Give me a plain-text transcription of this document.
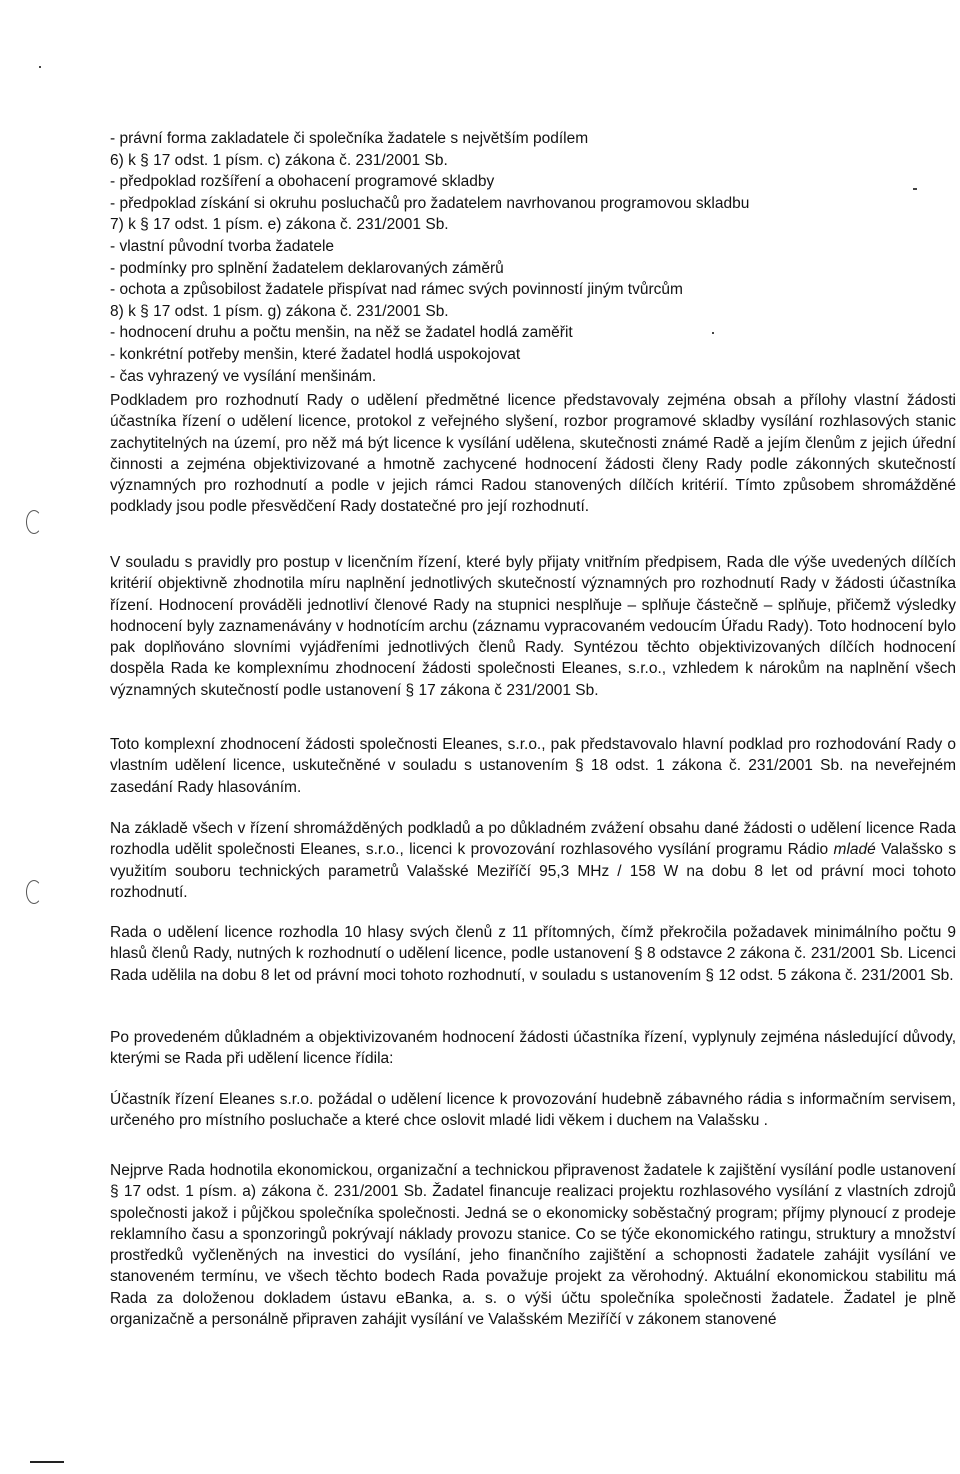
- právní forma zakladatele či společníka žadatele s největším podílem
6) k § 17 odst. 1 písm. c) zákona č. 231/2001 Sb.
- předpoklad rozšíření a obohacení programové skladby
- předpoklad získání si okruhu posluchačů pro žadatelem navrhovanou programovou skladbu
7) k § 17 odst. 1 písm. e) zákona č. 231/2001 Sb.
- vlastní původní tvorba žadatele
- podmínky pro splnění žadatelem deklarovaných záměrů
- ochota a způsobilost žadatele přispívat nad rámec svých povinností jiným tvůrcům
8) k § 17 odst. 1 písm. g) zákona č. 231/2001 Sb.
- hodnocení druhu a počtu menšin, na něž se žadatel hodlá zaměřit
- konkrétní potřeby menšin, které žadatel hodlá uspokojovat
- čas vyhrazený ve vysílání menšinám.

Podkladem pro rozhodnutí Rady o udělení předmětné licence představovaly zejména obsah a přílohy vlastní žádosti účastníka řízení o udělení licence, protokol z veřejného slyšení, rozbor programové skladby vysílání rozhlasových stanic zachytitelných na území, pro něž má být licence k vysílání udělena, skutečnosti známé Radě a jejím členům z jejich úřední činnosti a zejména objektivizované a hmotně zachycené hodnocení žádosti členy Rady podle zákonných skutečností významných pro rozhodnutí a podle v jejich rámci Radou stanovených dílčích kritérií. Tímto způsobem shromážděné podklady jsou podle přesvědčení Rady dostatečné pro její rozhodnutí.

V souladu s pravidly pro postup v licenčním řízení, které byly přijaty vnitřním předpisem, Rada dle výše uvedených dílčích kritérií objektivně zhodnotila míru naplnění jednotlivých skutečností významných pro rozhodnutí Rady v žádosti účastníka řízení. Hodnocení prováděli jednotliví členové Rady na stupnici nesplňuje – splňuje částečně – splňuje, přičemž výsledky hodnocení byly zaznamenávány v hodnotícím archu (záznamu vypracovaném vedoucím Úřadu Rady). Toto hodnocení bylo pak doplňováno slovními vyjádřeními jednotlivých členů Rady. Syntézou těchto objektivizovaných dílčích hodnocení dospěla Rada ke komplexnímu zhodnocení žádosti společnosti Eleanes, s.r.o., vzhledem k nárokům na naplnění všech významných skutečností podle ustanovení § 17 zákona č 231/2001 Sb.

Toto komplexní zhodnocení žádosti společnosti Eleanes, s.r.o., pak představovalo hlavní podklad pro rozhodování Rady o vlastním udělení licence, uskutečněné v souladu s ustanovením § 18 odst. 1 zákona č. 231/2001 Sb. na neveřejném zasedání Rady hlasováním.

Na základě všech v řízení shromážděných podkladů a po důkladném zvážení obsahu dané žádosti o udělení licence Rada rozhodla udělit společnosti Eleanes, s.r.o., licenci k provozování rozhlasového vysílání programu Rádio mladé Valašsko s využitím souboru technických parametrů Valašské Meziříčí 95,3 MHz / 158 W na dobu 8 let od právní moci tohoto rozhodnutí.

Rada o udělení licence rozhodla 10 hlasy svých členů z 11 přítomných, čímž překročila požadavek minimálního počtu 9 hlasů členů Rady, nutných k rozhodnutí o udělení licence, podle ustanovení § 8 odstavce 2 zákona č. 231/2001 Sb. Licenci Rada udělila na dobu 8 let od právní moci tohoto rozhodnutí, v souladu s ustanovením § 12 odst. 5 zákona č. 231/2001 Sb.

Po provedeném důkladném a objektivizovaném hodnocení žádosti účastníka řízení, vyplynuly zejména následující důvody, kterými se Rada při udělení licence řídila:

Účastník řízení Eleanes s.r.o. požádal o udělení licence k provozování hudebně zábavného rádia s informačním servisem, určeného pro místního posluchače a které chce oslovit mladé lidi věkem i duchem na Valašsku .

Nejprve Rada hodnotila ekonomickou, organizační a technickou připravenost žadatele k zajištění vysílání podle ustanovení § 17 odst. 1 písm. a) zákona č. 231/2001 Sb. Žadatel financuje realizaci projektu rozhlasového vysílání z vlastních zdrojů společnosti jakož i půjčkou společníka společnosti. Jedná se o ekonomicky soběstačný program; příjmy plynoucí z prodeje reklamního času a sponzoringů pokrývají náklady provozu stanice. Co se týče ekonomického ratingu, struktury a množství prostředků vyčleněných na investici do vysílání, jeho finančního zajištění a schopnosti žadatele zahájit vysílání ve stanoveném termínu, ve všech těchto bodech Rada považuje projekt za věrohodný. Aktuální ekonomickou stabilitu má Rada za doloženou dokladem ústavu eBanka, a. s. o výši účtu společníka společnosti žadatele. Žadatel je plně organizačně a personálně připraven zahájit vysílání ve Valašském Meziříčí v zákonem stanovené
